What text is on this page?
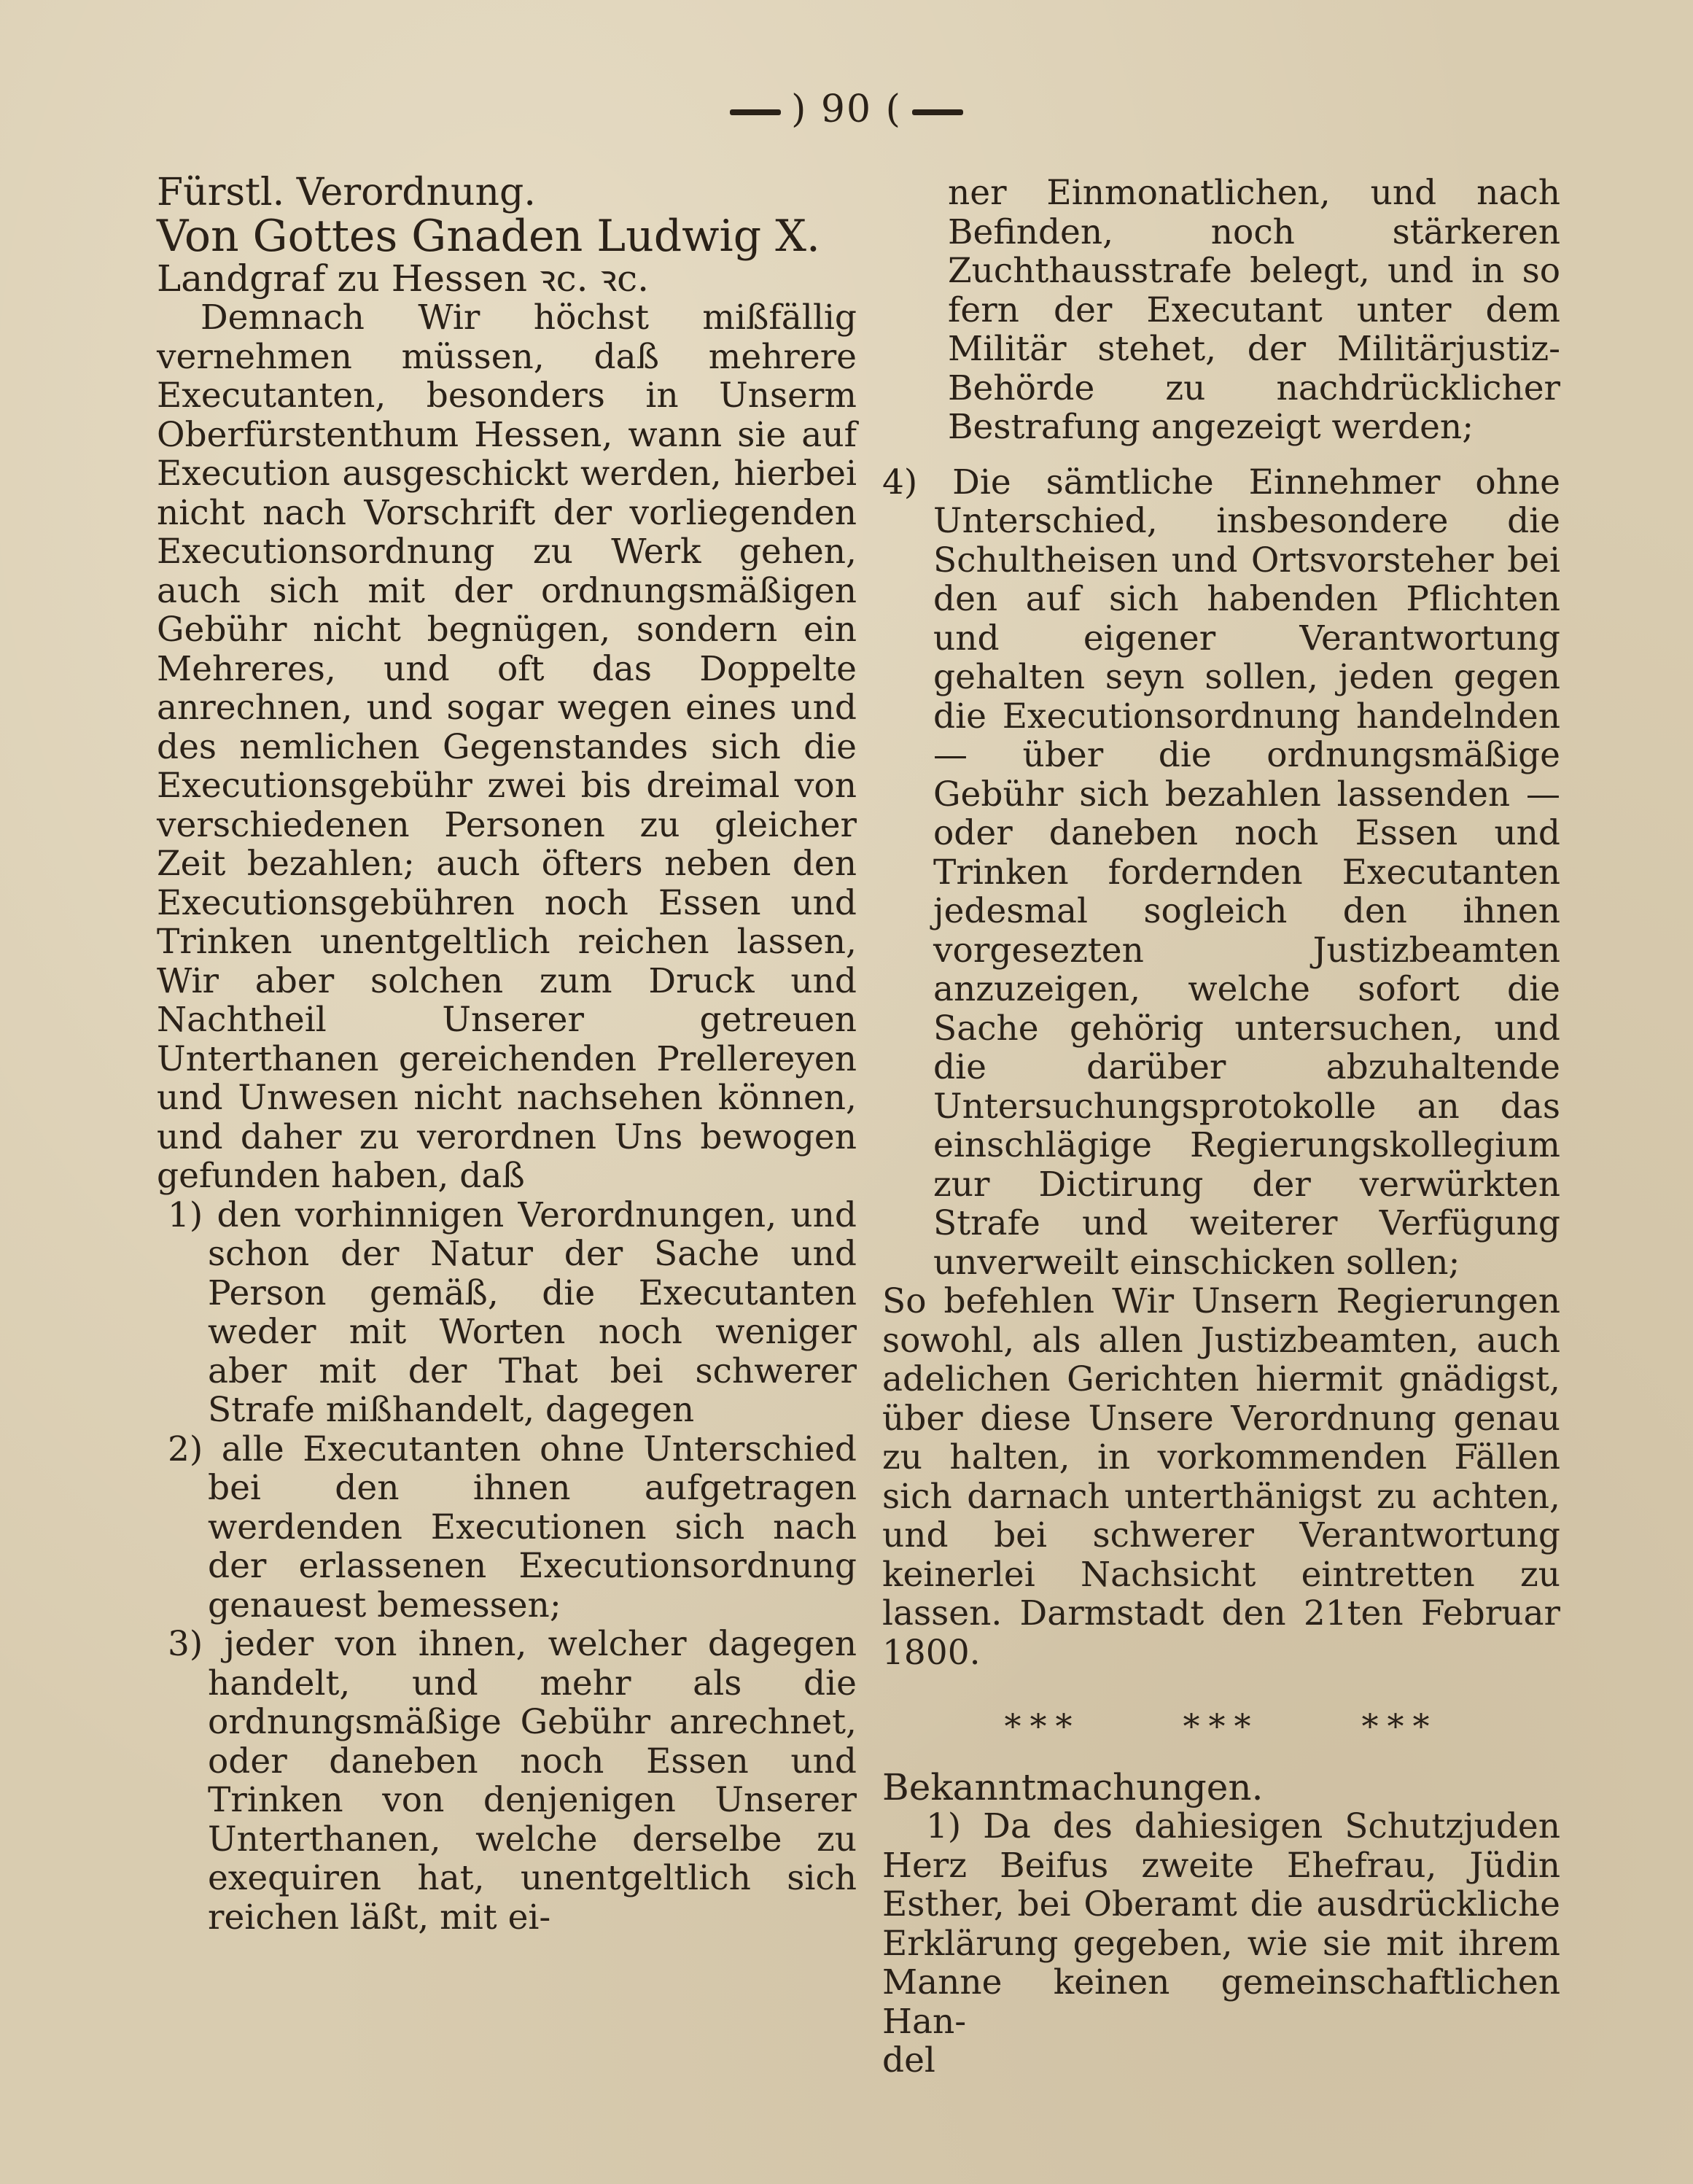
) 90 (

Fürstl. Verordnung.

Von Gottes Gnaden Ludwig X.

Landgraf zu Hessen ꝛc. ꝛc.

Demnach Wir höchst mißfällig vernehmen müssen, daß mehrere Executanten, besonders in Unserm Oberfürstenthum Hessen, wann sie auf Execution ausgeschickt werden, hierbei nicht nach Vorschrift der vorliegenden Executionsordnung zu Werk gehen, auch sich mit der ordnungsmäßigen Gebühr nicht begnügen, sondern ein Mehreres, und oft das Doppelte anrechnen, und sogar wegen eines und des nemlichen Gegenstandes sich die Executionsgebühr zwei bis dreimal von verschiedenen Personen zu gleicher Zeit bezahlen; auch öfters neben den Executionsgebühren noch Essen und Trinken unentgeltlich reichen lassen, Wir aber solchen zum Druck und Nachtheil Unserer getreuen Unterthanen gereichenden Prellereyen und Unwesen nicht nachsehen können, und daher zu verordnen Uns bewogen gefunden haben, daß

1) den vorhinnigen Verordnungen, und schon der Natur der Sache und Person gemäß, die Executanten weder mit Worten noch weniger aber mit der That bei schwerer Strafe mißhandelt, dagegen

2) alle Executanten ohne Unterschied bei den ihnen aufgetragen werdenden Executionen sich nach der erlassenen Executionsordnung genauest bemessen;

3) jeder von ihnen, welcher dagegen handelt, und mehr als die ordnungsmäßige Gebühr anrechnet, oder daneben noch Essen und Trinken von denjenigen Unserer Unterthanen, welche derselbe zu exequiren hat, unentgeltlich sich reichen läßt, mit ei-

ner Einmonatlichen, und nach Befinden, noch stärkeren Zuchthausstrafe belegt, und in so fern der Executant unter dem Militär stehet, der Militärjustiz-Behörde zu nachdrücklicher Bestrafung angezeigt werden;

4) Die sämtliche Einnehmer ohne Unterschied, insbesondere die Schultheisen und Ortsvorsteher bei den auf sich habenden Pflichten und eigener Verantwortung gehalten seyn sollen, jeden gegen die Executionsordnung handelnden — über die ordnungsmäßige Gebühr sich bezahlen lassenden — oder daneben noch Essen und Trinken fordernden Executanten jedesmal sogleich den ihnen vorgesezten Justizbeamten anzuzeigen, welche sofort die Sache gehörig untersuchen, und die darüber abzuhaltende Untersuchungsprotokolle an das einschlägige Regierungskollegium zur Dictirung der verwürkten Strafe und weiterer Verfügung unverweilt einschicken sollen;

So befehlen Wir Unsern Regierungen sowohl, als allen Justizbeamten, auch adelichen Gerichten hiermit gnädigst, über diese Unsere Verordnung genau zu halten, in vorkommenden Fällen sich darnach unterthänigst zu achten, und bei schwerer Verantwortung keinerlei Nachsicht eintretten zu lassen. Darmstadt den 21ten Februar 1800.

***	***	***

Bekanntmachungen.

1) Da des dahiesigen Schutzjuden Herz Beifus zweite Ehefrau, Jüdin Esther, bei Oberamt die ausdrückliche Erklärung gegeben, wie sie mit ihrem Manne keinen gemeinschaftlichen Han-

del
